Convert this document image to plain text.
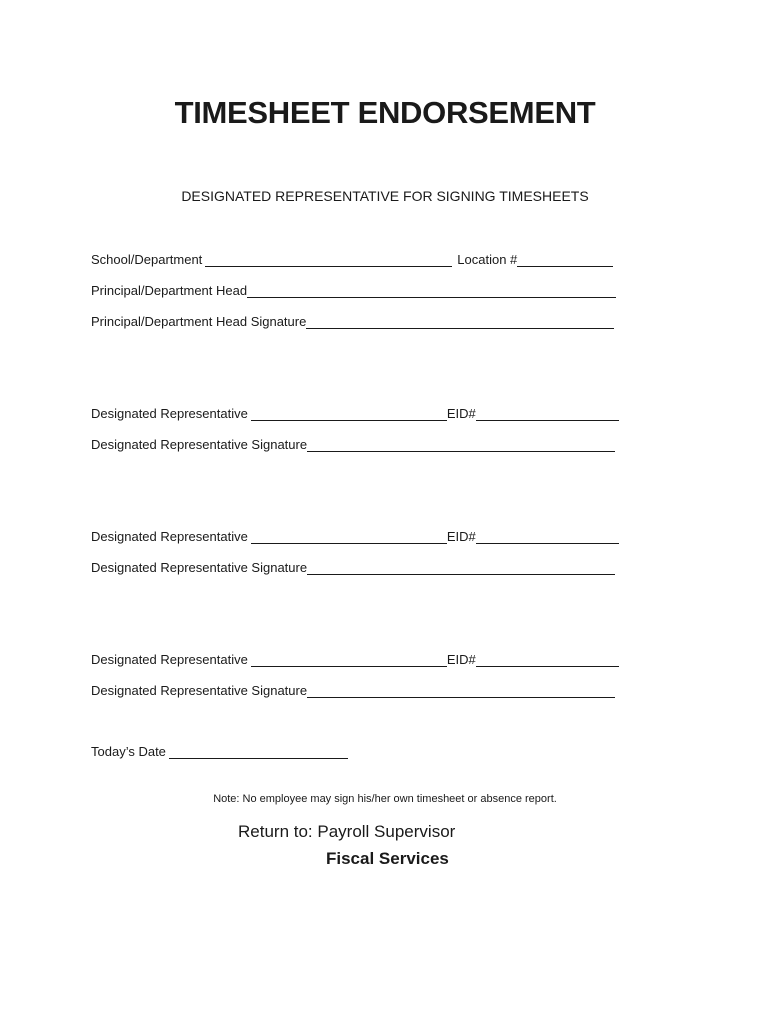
TIMESHEET ENDORSEMENT
DESIGNATED REPRESENTATIVE FOR SIGNING TIMESHEETS
School/Department	Location #
Principal/Department Head
Principal/Department Head Signature
Designated Representative	EID#
Designated Representative Signature
Designated Representative	EID#
Designated Representative Signature
Designated Representative	EID#
Designated Representative Signature
Today’s Date
Note: No employee may sign his/her own timesheet or absence report.
Return to: Payroll Supervisor
Fiscal Services
